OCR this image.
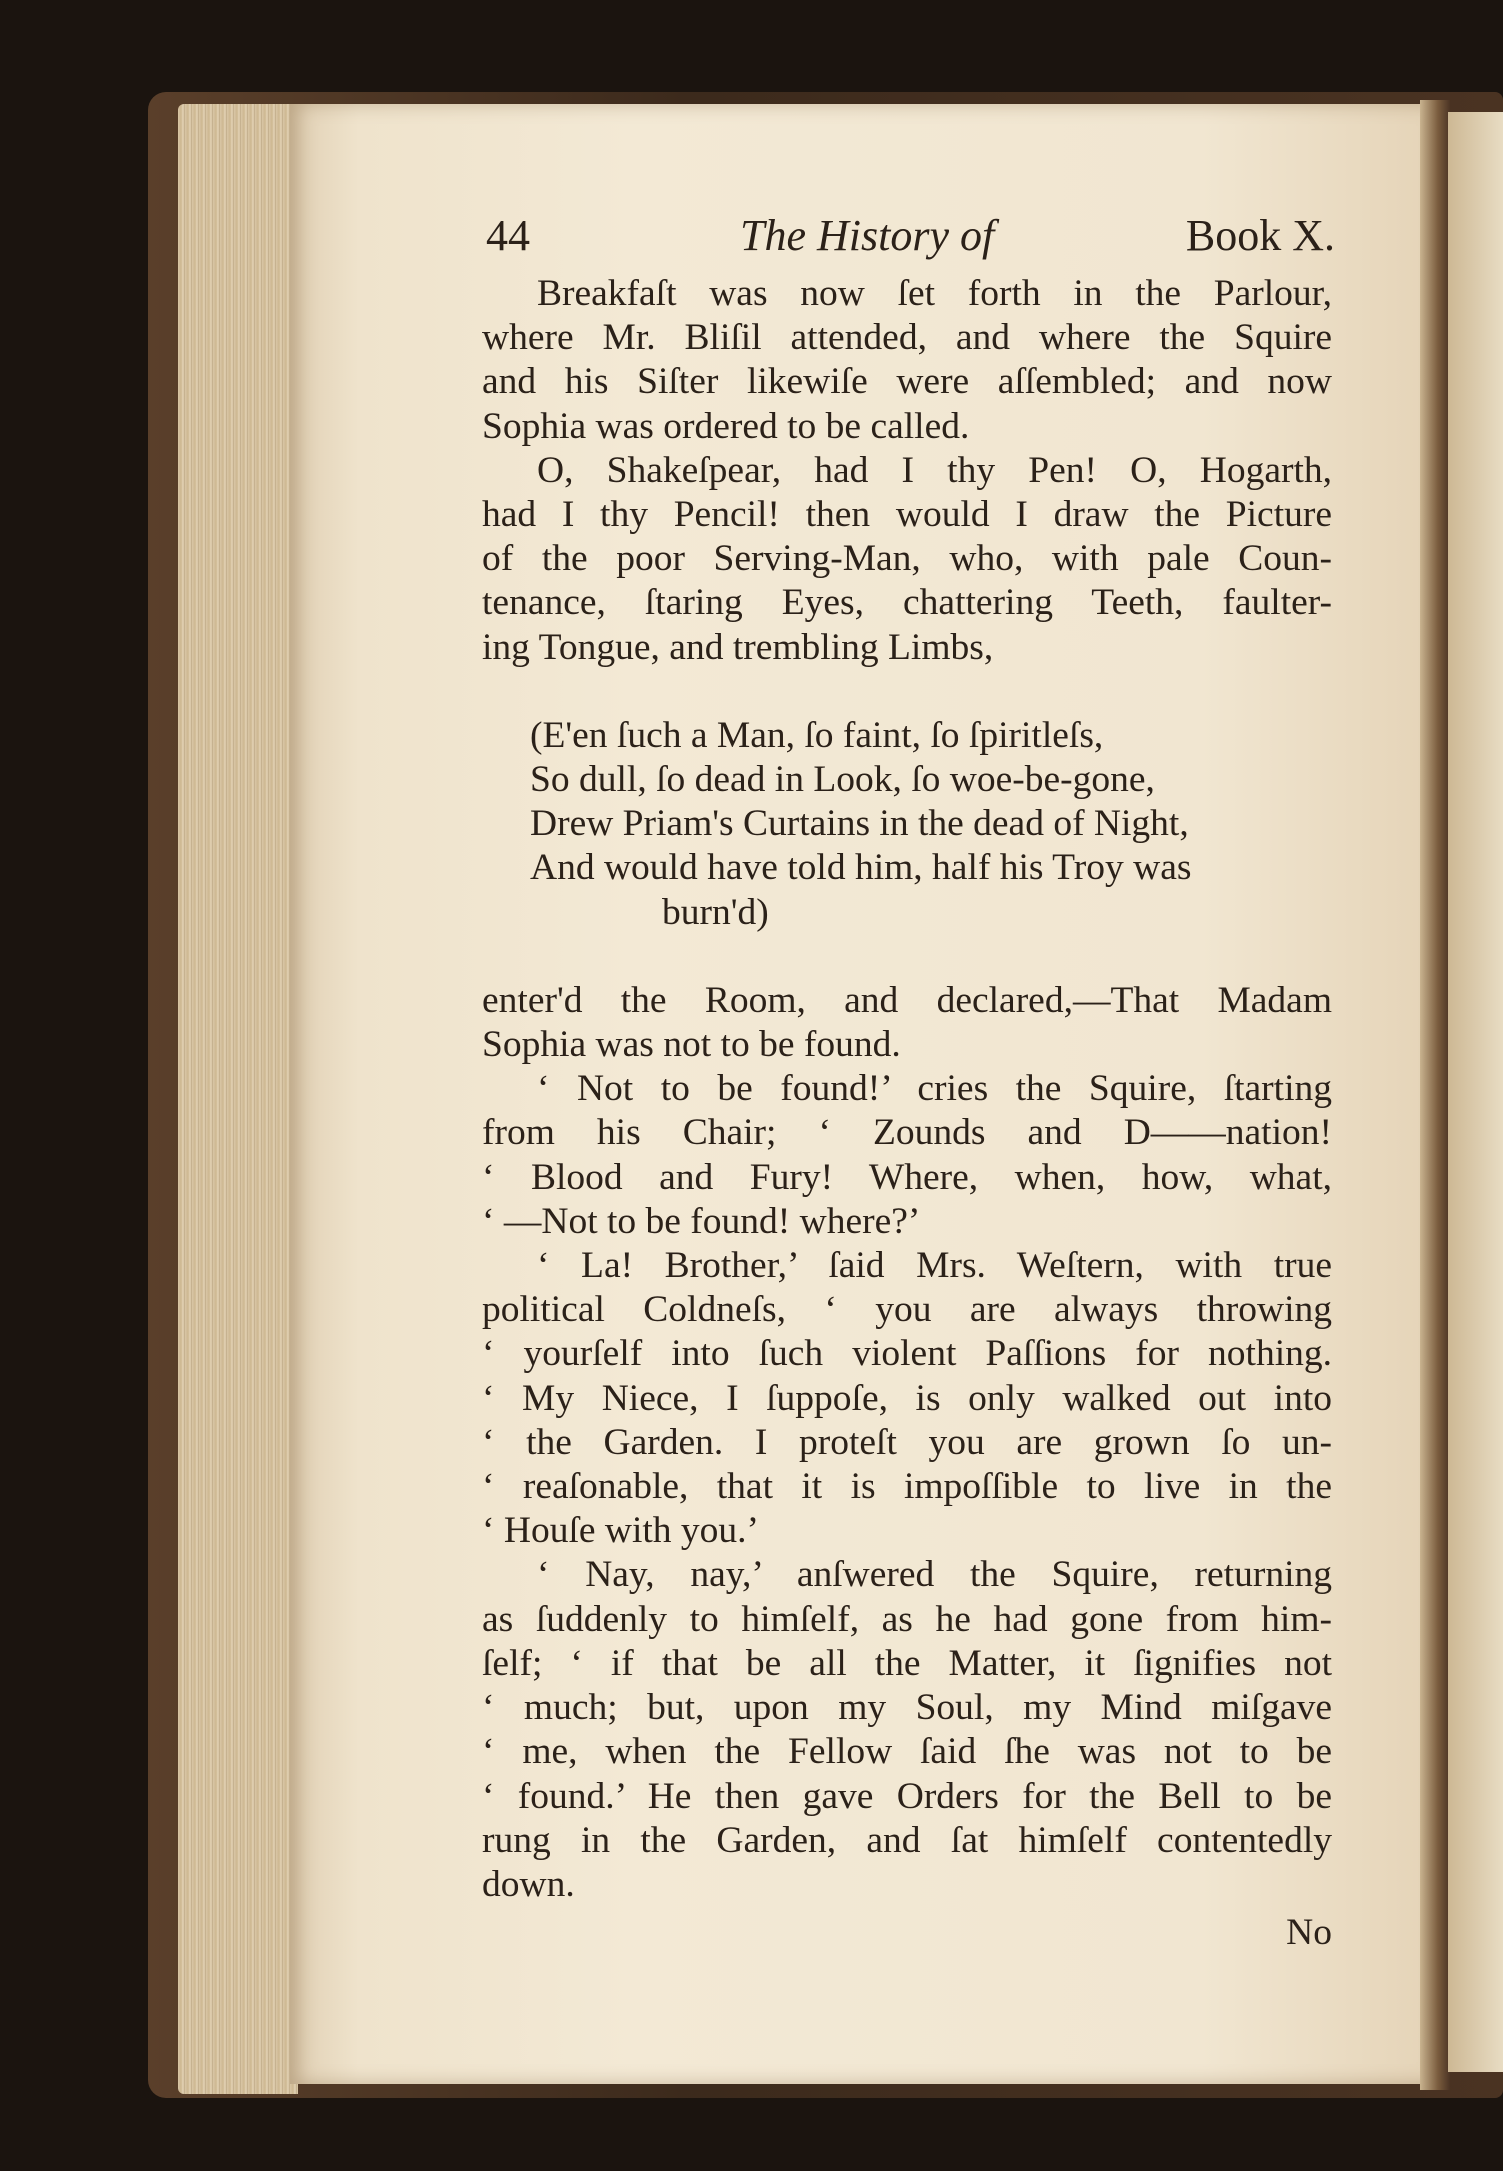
44	The History of	Book X.
Breakfaſt was now ſet forth in the Parlour,
where Mr. Bliſil attended, and where the Squire
and his Siſter likewiſe were aſſembled; and now
Sophia was ordered to be called.
O, Shakeſpear, had I thy Pen! O, Hogarth,
had I thy Pencil! then would I draw the Picture
of the poor Serving-Man, who, with pale Coun-
tenance, ſtaring Eyes, chattering Teeth, faulter-
ing Tongue, and trembling Limbs,
(E'en ſuch a Man, ſo faint, ſo ſpiritleſs,
So dull, ſo dead in Look, ſo woe-be-gone,
Drew Priam's Curtains in the dead of Night,
And would have told him, half his Troy was
burn'd)
enter'd the Room, and declared,—That Madam
Sophia was not to be found.
‘ Not to be found!’ cries the Squire, ſtarting
from his Chair; ‘ Zounds and D——nation!
‘ Blood and Fury! Where, when, how, what,
‘ —Not to be found! where?’
‘ La! Brother,’ ſaid Mrs. Weſtern, with true
political Coldneſs, ‘ you are always throwing
‘ yourſelf into ſuch violent Paſſions for nothing.
‘ My Niece, I ſuppoſe, is only walked out into
‘ the Garden. I proteſt you are grown ſo un-
‘ reaſonable, that it is impoſſible to live in the
‘ Houſe with you.’
‘ Nay, nay,’ anſwered the Squire, returning
as ſuddenly to himſelf, as he had gone from him-
ſelf; ‘ if that be all the Matter, it ſignifies not
‘ much; but, upon my Soul, my Mind miſgave
‘ me, when the Fellow ſaid ſhe was not to be
‘ found.’ He then gave Orders for the Bell to be
rung in the Garden, and ſat himſelf contentedly
down.
No
